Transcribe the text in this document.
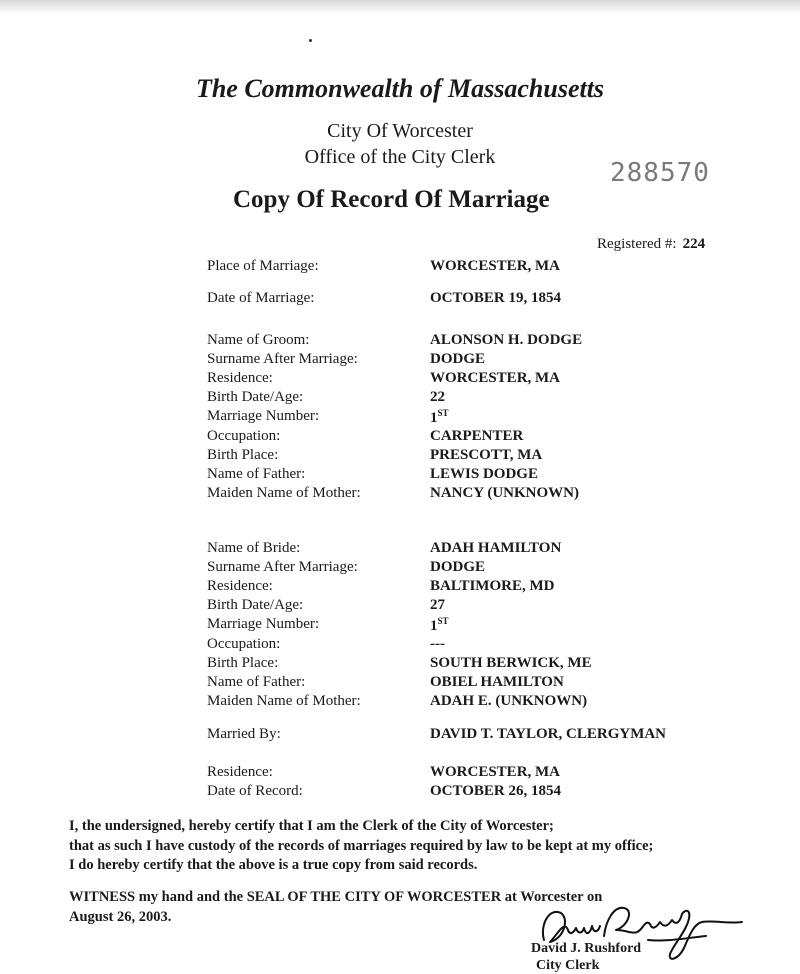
The Commonwealth of Massachusetts
City Of Worcester
Office of the City Clerk
288570
Copy Of Record Of Marriage
Registered #: 224
Place of Marriage:	WORCESTER, MA
Date of Marriage:	OCTOBER 19, 1854
Name of Groom:	ALONSON H. DODGE
Surname After Marriage:	DODGE
Residence:	WORCESTER, MA
Birth Date/Age:	22
Marriage Number:	1ST
Occupation:	CARPENTER
Birth Place:	PRESCOTT, MA
Name of Father:	LEWIS DODGE
Maiden Name of Mother:	NANCY (UNKNOWN)
Name of Bride:	ADAH HAMILTON
Surname After Marriage:	DODGE
Residence:	BALTIMORE, MD
Birth Date/Age:	27
Marriage Number:	1ST
Occupation:	---
Birth Place:	SOUTH BERWICK, ME
Name of Father:	OBIEL HAMILTON
Maiden Name of Mother:	ADAH E. (UNKNOWN)
Married By:	DAVID T. TAYLOR, CLERGYMAN
Residence:	WORCESTER, MA
Date of Record:	OCTOBER 26, 1854
I, the undersigned, hereby certify that I am the Clerk of the City of Worcester;
that as such I have custody of the records of marriages required by law to be kept at my office;
I do hereby certify that the above is a true copy from said records.
WITNESS my hand and the SEAL OF THE CITY OF WORCESTER at Worcester on
August 26, 2003.
David J. Rushford
City Clerk
